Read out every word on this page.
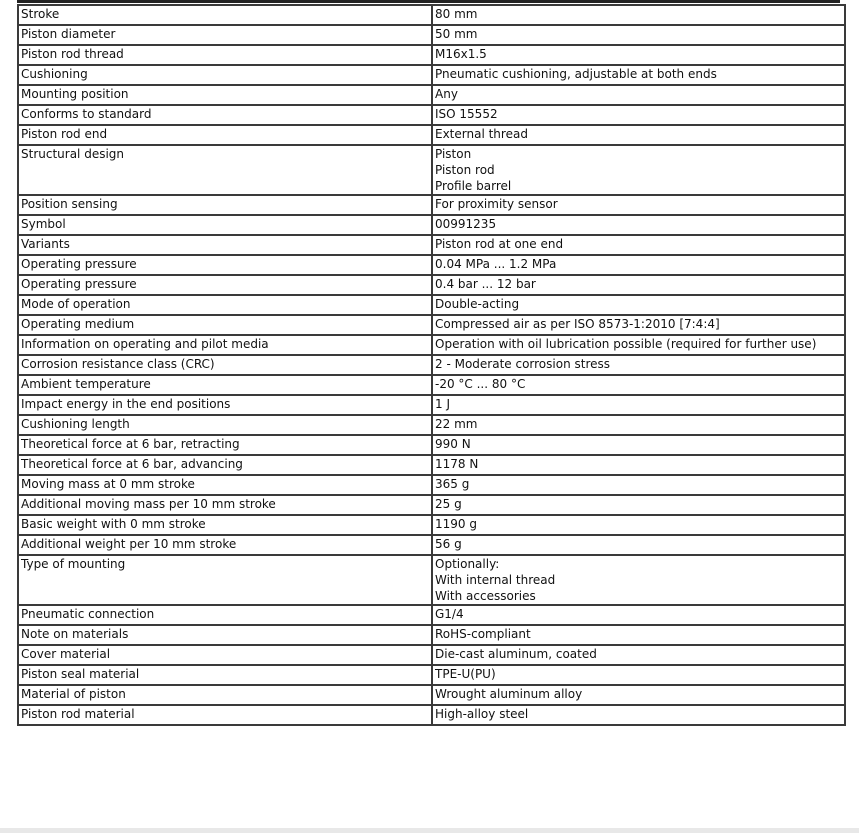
Stroke	80 mm

Piston diameter	50 mm

Piston rod thread	M16x1.5

Cushioning	Pneumatic cushioning, adjustable at both ends

Mounting position	Any

Conforms to standard	ISO 15552

Piston rod end	External thread

Structural design	Piston
Piston rod
Profile barrel

Position sensing	For proximity sensor

Symbol	00991235

Variants	Piston rod at one end

Operating pressure	0.04 MPa ... 1.2 MPa

Operating pressure	0.4 bar ... 12 bar

Mode of operation	Double-acting

Operating medium	Compressed air as per ISO 8573-1:2010 [7:4:4]

Information on operating and pilot media	Operation with oil lubrication possible (required for further use)

Corrosion resistance class (CRC)	2 - Moderate corrosion stress

Ambient temperature	-20 °C ... 80 °C

Impact energy in the end positions	1 J

Cushioning length	22 mm

Theoretical force at 6 bar, retracting	990 N

Theoretical force at 6 bar, advancing	1178 N

Moving mass at 0 mm stroke	365 g

Additional moving mass per 10 mm stroke	25 g

Basic weight with 0 mm stroke	1190 g

Additional weight per 10 mm stroke	56 g

Type of mounting	Optionally:
With internal thread
With accessories

Pneumatic connection	G1/4

Note on materials	RoHS-compliant

Cover material	Die-cast aluminum, coated

Piston seal material	TPE-U(PU)

Material of piston	Wrought aluminum alloy

Piston rod material	High-alloy steel
